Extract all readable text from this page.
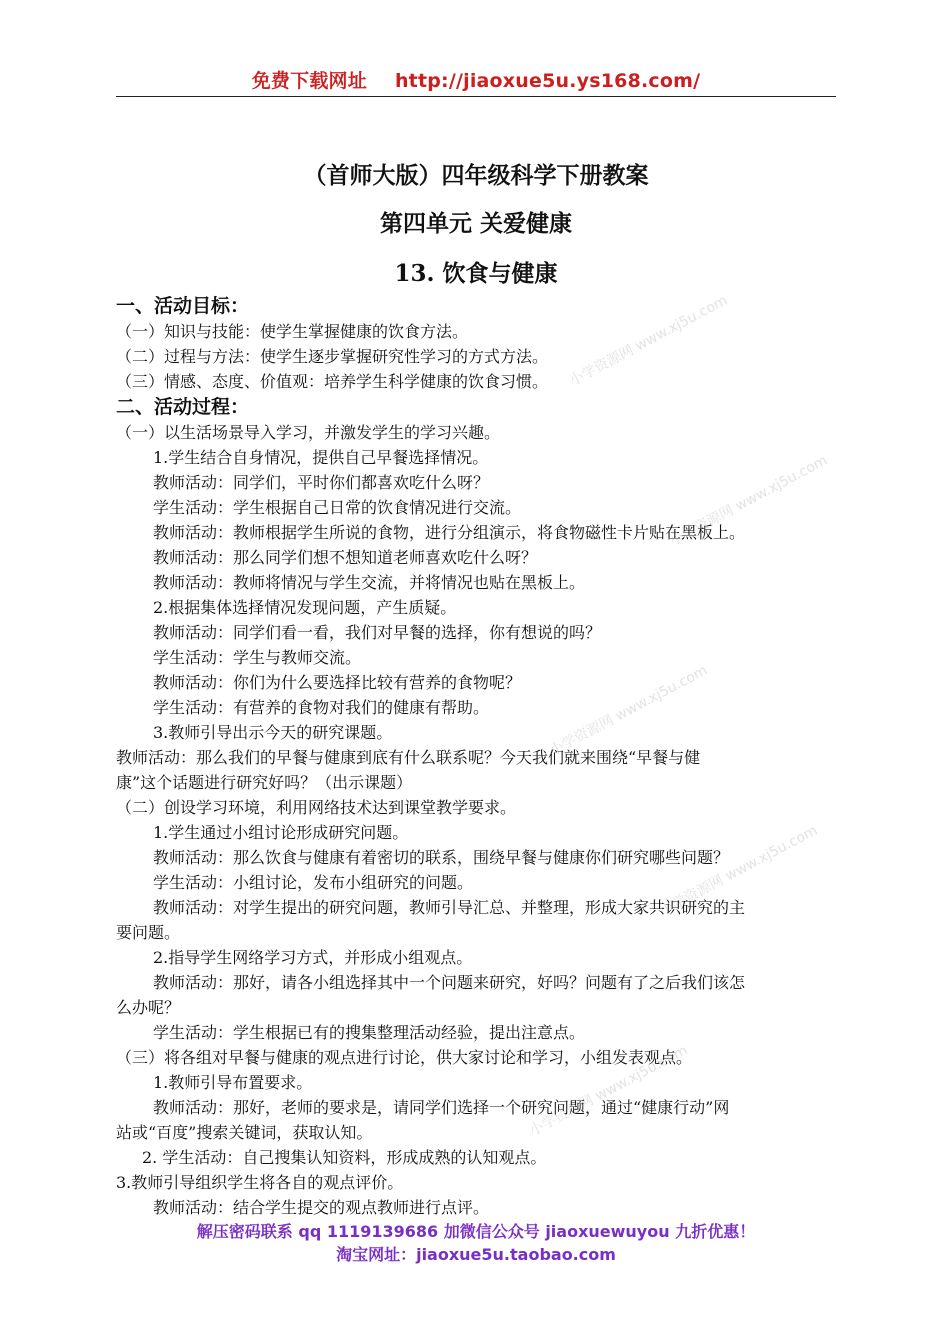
免费下载网址 http://jiaoxue5u.ys168.com/
（首师大版）四年级科学下册教案
第四单元 关爱健康
13. 饮食与健康
一、活动目标：
（一）知识与技能：使学生掌握健康的饮食方法。
（二）过程与方法：使学生逐步掌握研究性学习的方式方法。
（三）情感、态度、价值观：培养学生科学健康的饮食习惯。
二、活动过程：
（一）以生活场景导入学习，并激发学生的学习兴趣。
1.学生结合自身情况，提供自己早餐选择情况。
教师活动：同学们，平时你们都喜欢吃什么呀？
学生活动：学生根据自己日常的饮食情况进行交流。
教师活动：教师根据学生所说的食物，进行分组演示，将食物磁性卡片贴在黑板上。
教师活动：那么同学们想不想知道老师喜欢吃什么呀？
教师活动：教师将情况与学生交流，并将情况也贴在黑板上。
2.根据集体选择情况发现问题，产生质疑。
教师活动：同学们看一看，我们对早餐的选择，你有想说的吗？
学生活动：学生与教师交流。
教师活动：你们为什么要选择比较有营养的食物呢？
学生活动：有营养的食物对我们的健康有帮助。
3.教师引导出示今天的研究课题。
教师活动：那么我们的早餐与健康到底有什么联系呢？今天我们就来围绕“早餐与健
康”这个话题进行研究好吗？（出示课题）
（二）创设学习环境，利用网络技术达到课堂教学要求。
1.学生通过小组讨论形成研究问题。
教师活动：那么饮食与健康有着密切的联系，围绕早餐与健康你们研究哪些问题？
学生活动：小组讨论，发布小组研究的问题。
教师活动：对学生提出的研究问题，教师引导汇总、并整理，形成大家共识研究的主
要问题。
2.指导学生网络学习方式，并形成小组观点。
教师活动：那好，请各小组选择其中一个问题来研究，好吗？问题有了之后我们该怎
么办呢？
学生活动：学生根据已有的搜集整理活动经验，提出注意点。
（三）将各组对早餐与健康的观点进行讨论，供大家讨论和学习，小组发表观点。
1.教师引导布置要求。
教师活动：那好，老师的要求是，请同学们选择一个研究问题，通过“健康行动”网
站或“百度”搜索关键词，获取认知。
2. 学生活动：自己搜集认知资料，形成成熟的认知观点。
3.教师引导组织学生将各自的观点评价。
教师活动：结合学生提交的观点教师进行点评。
解压密码联系 qq 1119139686 加微信公众号 jiaoxuewuyou 九折优惠！
淘宝网址：jiaoxue5u.taobao.com
小学资源网 www.xj5u.com
小学资源网 www.xj5u.com
小学资源网 www.xj5u.com
小学资源网 www.xj5u.com
小学资源网 www.xj5u.com
